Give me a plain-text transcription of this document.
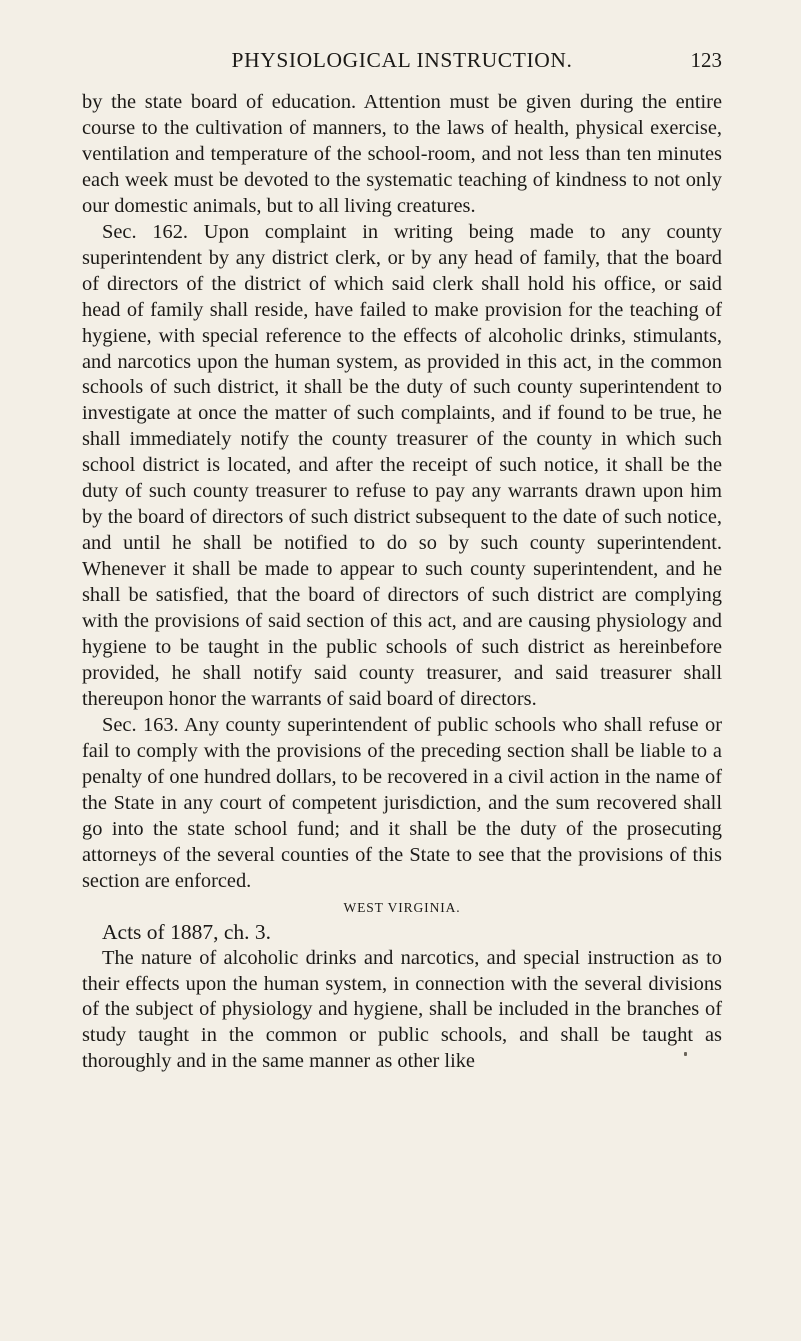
PHYSIOLOGICAL INSTRUCTION.	123

by the state board of education. Attention must be given during the entire course to the cultivation of manners, to the laws of health, physical exercise, ventilation and temperature of the school-room, and not less than ten minutes each week must be devoted to the systematic teaching of kindness to not only our domestic animals, but to all living creatures.

Sec. 162. Upon complaint in writing being made to any county superintendent by any district clerk, or by any head of family, that the board of directors of the district of which said clerk shall hold his office, or said head of family shall reside, have failed to make provision for the teaching of hygiene, with special reference to the effects of alcoholic drinks, stimulants, and narcotics upon the human system, as provided in this act, in the common schools of such district, it shall be the duty of such county superintendent to investigate at once the matter of such complaints, and if found to be true, he shall immediately notify the county treasurer of the county in which such school district is located, and after the receipt of such notice, it shall be the duty of such county treasurer to refuse to pay any warrants drawn upon him by the board of directors of such district subsequent to the date of such notice, and until he shall be notified to do so by such county superintendent. Whenever it shall be made to appear to such county superintendent, and he shall be satisfied, that the board of directors of such district are complying with the provisions of said section of this act, and are causing physiology and hygiene to be taught in the public schools of such district as hereinbefore provided, he shall notify said county treasurer, and said treasurer shall thereupon honor the warrants of said board of directors.

Sec. 163. Any county superintendent of public schools who shall refuse or fail to comply with the provisions of the preceding section shall be liable to a penalty of one hundred dollars, to be recovered in a civil action in the name of the State in any court of competent jurisdiction, and the sum recovered shall go into the state school fund; and it shall be the duty of the prosecuting attorneys of the several counties of the State to see that the provisions of this section are enforced.

WEST VIRGINIA.

Acts of 1887, ch. 3.

The nature of alcoholic drinks and narcotics, and special instruction as to their effects upon the human system, in connection with the several divisions of the subject of physiology and hygiene, shall be included in the branches of study taught in the common or public schools, and shall be taught as thoroughly and in the same manner as other like
